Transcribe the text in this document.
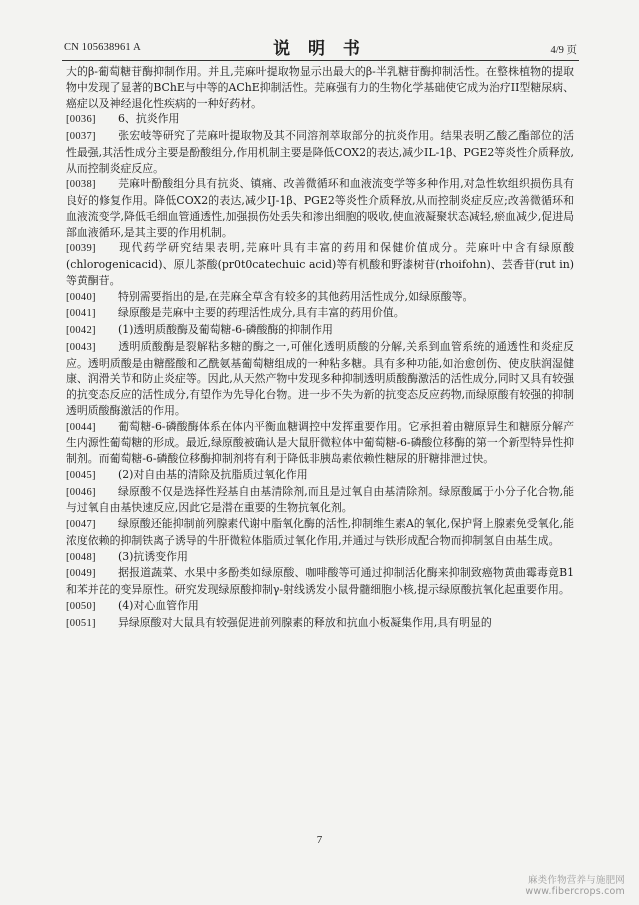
CN 105638961 A	说 明 书	4/9 页

大的β-葡萄糖苷酶抑制作用。并且,芫麻叶提取物显示出最大的β-半乳糖苷酶抑制活性。在整株植物的提取物中发现了显著的BChE与中等的AChE抑制活性。芫麻强有力的生物化学基础使它成为治疗II型糖尿病、癌症以及神经退化性疾病的一种好药材。

[0036] 6、抗炎作用

[0037] 张宏岐等研究了芫麻叶提取物及其不同溶剂萃取部分的抗炎作用。结果表明乙酸乙酯部位的活性最强,其活性成分主要是酚酸组分,作用机制主要是降低COX2的表达,减少IL-1β、PGE2等炎性介质释放,从而控制炎症反应。

[0038] 芫麻叶酚酸组分具有抗炎、镇痛、改善微循环和血液流变学等多种作用,对急性软组织损伤具有良好的修复作用。降低COX2的表达,减少IJ-1β、PGE2等炎性介质释放,从而控制炎症反应;改善微循环和血液流变学,降低毛细血管通透性,加强损伤处丢失和渗出细胞的吸收,使血液凝聚状态减轻,瘀血减少,促进局部血液循环,是其主要的作用机制。

[0039] 现代药学研究结果表明,芫麻叶具有丰富的药用和保健价值成分。芫麻叶中含有绿原酸(chlorogenicacid)、原儿茶酸(pr0t0catechuic acid)等有机酸和野漆树苷(rhoifohn)、芸香苷(rut in)等黄酮苷。

[0040] 特别需要指出的是,在芫麻全草含有较多的其他药用活性成分,如绿原酸等。

[0041] 绿原酸是芫麻中主要的药理活性成分,具有丰富的药用价值。

[0042] (1)透明质酸酶及葡萄糖-6-磷酸酶的抑制作用

[0043] 透明质酸酶是裂解粘多糖的酶之一,可催化透明质酸的分解,关系到血管系统的通透性和炎症反应。透明质酸是由糖醛酸和乙酰氨基葡萄糖组成的一种粘多糖。具有多种功能,如治愈创伤、使皮肤润湿健康、润滑关节和防止炎症等。因此,从天然产物中发现多种抑制透明质酸酶激活的活性成分,同时又具有较强的抗变态反应的活性成分,有望作为先导化台物。进一步不失为新的抗变态反应药物,而绿原酸有较强的抑制透明质酸酶激活的作用。

[0044] 葡萄糖-6-磷酸酶体系在体内平衡血糖调控中发挥重要作用。它承担着由糖原异生和糖原分解产生内源性葡萄糖的形成。最近,绿原酸被确认是大鼠肝微粒体中葡萄糖-6-磷酸位移酶的第一个新型特异性抑制剂。而葡萄糖-6-磷酸位移酶抑制剂将有利于降低非胰岛素依赖性糖尿的肝糖排泄过快。

[0045] (2)对自由基的清除及抗脂质过氧化作用

[0046] 绿原酸不仅是选择性羟基自由基清除剂,而且是过氧自由基清除剂。绿原酸属于小分子化合物,能与过氧自由基快速反应,因此它是潜在重要的生物抗氧化剂。

[0047] 绿原酸还能抑制前列腺素代谢中脂氧化酶的活性,抑制维生素A的氧化,保护肾上腺素免受氧化,能浓度依赖的抑制铁离子诱导的牛肝微粒体脂质过氧化作用,并通过与铁形成配合物而抑制氢自由基生成。

[0048] (3)抗诱变作用

[0049] 据报道蔬菜、水果中多酚类如绿原酸、咖啡酸等可通过抑制活化酶来抑制致癌物黄曲霉毒竟B1和苯并芘的变异原性。研究发现绿原酸抑制γ-射线诱发小鼠骨髓细胞小核,提示绿原酸抗氧化起重要作用。

[0050] (4)对心血管作用

[0051] 异绿原酸对大鼠具有较强促进前列腺素的释放和抗血小板凝集作用,具有明显的

7
麻类作物营养与施肥网
www.fibercrops.com
